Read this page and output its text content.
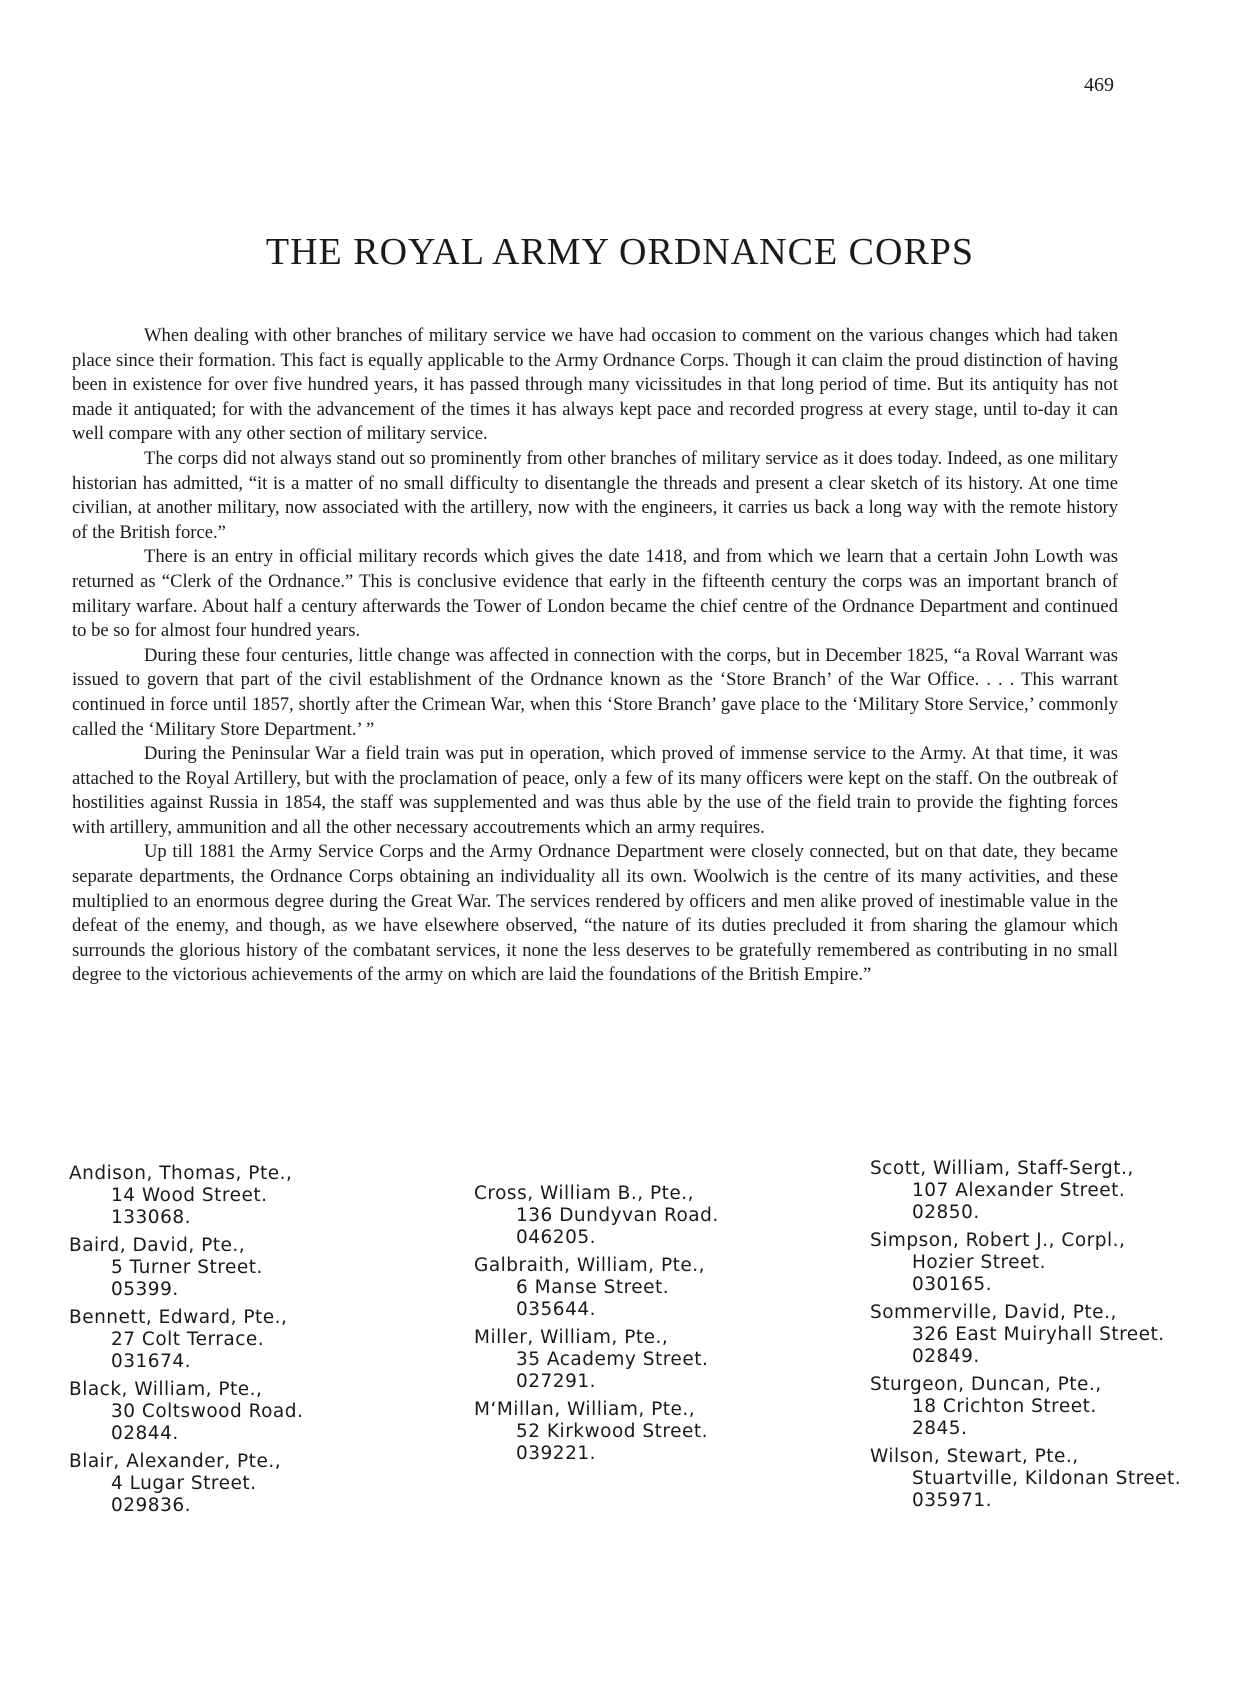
469
THE ROYAL ARMY ORDNANCE CORPS

When dealing with other branches of military service we have had occasion to comment on the various changes which had taken place since their formation. This fact is equally applicable to the Army Ordnance Corps. Though it can claim the proud distinction of having been in existence for over five hundred years, it has passed through many vicissitudes in that long period of time. But its antiquity has not made it antiquated; for with the advancement of the times it has always kept pace and recorded progress at every stage, until to-day it can well compare with any other section of military service.

The corps did not always stand out so prominently from other branches of military service as it does today. Indeed, as one military historian has admitted, “it is a matter of no small difficulty to disentangle the threads and present a clear sketch of its history. At one time civilian, at another military, now associated with the artillery, now with the engineers, it carries us back a long way with the remote history of the British force.”

There is an entry in official military records which gives the date 1418, and from which we learn that a certain John Lowth was returned as “Clerk of the Ordnance.” This is conclusive evidence that early in the fifteenth century the corps was an important branch of military warfare. About half a century afterwards the Tower of London became the chief centre of the Ordnance Department and continued to be so for almost four hundred years.

During these four centuries, little change was affected in connection with the corps, but in December 1825, “a Roval Warrant was issued to govern that part of the civil establishment of the Ordnance known as the ‘Store Branch’ of the War Office. . . . This warrant continued in force until 1857, shortly after the Crimean War, when this ‘Store Branch’ gave place to the ‘Military Store Service,’ commonly called the ‘Military Store Department.’ ”

During the Peninsular War a field train was put in operation, which proved of immense service to the Army. At that time, it was attached to the Royal Artillery, but with the proclamation of peace, only a few of its many officers were kept on the staff. On the outbreak of hostilities against Russia in 1854, the staff was supplemented and was thus able by the use of the field train to provide the fighting forces with artillery, ammunition and all the other necessary accoutrements which an army requires.

Up till 1881 the Army Service Corps and the Army Ordnance Department were closely connected, but on that date, they became separate departments, the Ordnance Corps obtaining an individuality all its own. Woolwich is the centre of its many activities, and these multiplied to an enormous degree during the Great War. The services rendered by officers and men alike proved of inestimable value in the defeat of the enemy, and though, as we have elsewhere observed, “the nature of its duties precluded it from sharing the glamour which surrounds the glorious history of the combatant services, it none the less deserves to be gratefully remembered as contributing in no small degree to the victorious achievements of the army on which are laid the foundations of the British Empire.”

Andison, Thomas, Pte.,
14 Wood Street.
133068.
Baird, David, Pte.,
5 Turner Street.
05399.
Bennett, Edward, Pte.,
27 Colt Terrace.
031674.
Black, William, Pte.,
30 Coltswood Road.
02844.
Blair, Alexander, Pte.,
4 Lugar Street.
029836.
Cross, William B., Pte.,
136 Dundyvan Road.
046205.
Galbraith, William, Pte.,
6 Manse Street.
035644.
Miller, William, Pte.,
35 Academy Street.
027291.
M‘Millan, William, Pte.,
52 Kirkwood Street.
039221.
Scott, William, Staff-Sergt.,
107 Alexander Street.
02850.
Simpson, Robert J., Corpl.,
Hozier Street.
030165.
Sommerville, David, Pte.,
326 East Muiryhall Street.
02849.
Sturgeon, Duncan, Pte.,
18 Crichton Street.
2845.
Wilson, Stewart, Pte.,
Stuartville, Kildonan Street.
035971.
